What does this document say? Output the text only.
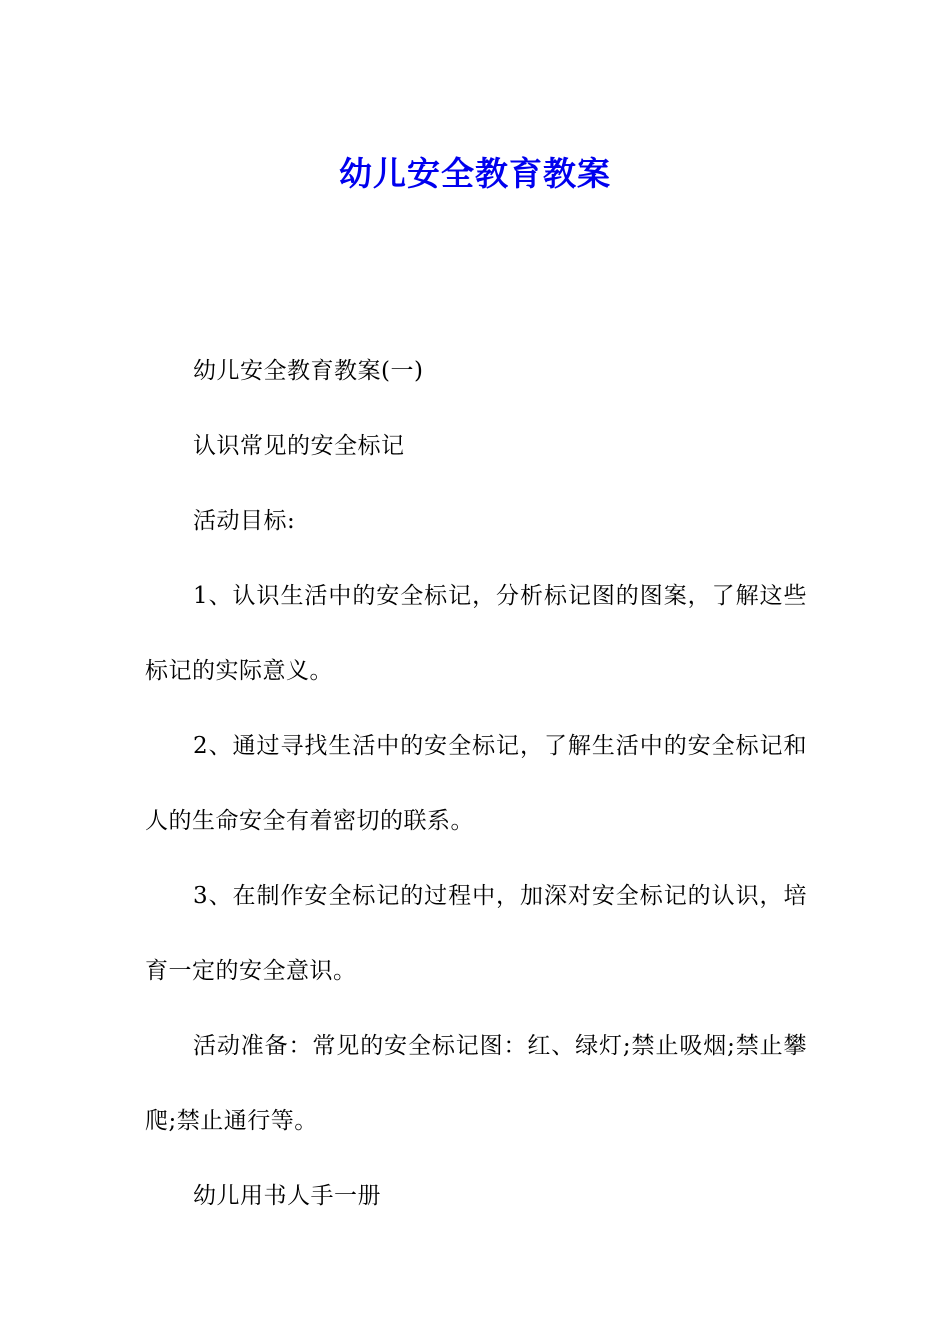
幼儿安全教育教案

幼儿安全教育教案(一)

认识常见的安全标记

活动目标:

1、认识生活中的安全标记，分析标记图的图案，了解这些标记的实际意义。

2、通过寻找生活中的安全标记，了解生活中的安全标记和人的生命安全有着密切的联系。

3、在制作安全标记的过程中，加深对安全标记的认识，培育一定的安全意识。

活动准备：常见的安全标记图：红、绿灯;禁止吸烟;禁止攀爬;禁止通行等。

幼儿用书人手一册
